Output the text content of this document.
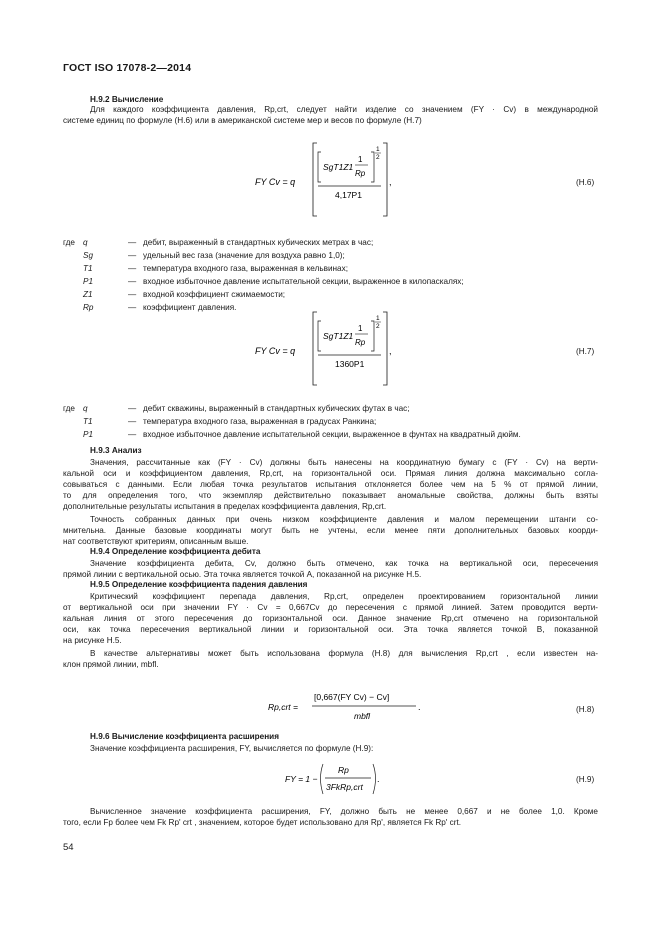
ГОСТ ISO 17078-2—2014
Н.9.2 Вычисление
Для каждого коэффициента давления, Rp,crt, следует найти изделие со значением (FY · Cv) в международной
системе единиц по формуле (Н.6) или в американской системе мер и весов по формуле (Н.7)
FY Cv = q
SgT1Z1
1
Rp
1
2
4,17P1
,	(Н.6)
где q	— дебит, выраженный в стандартных кубических метрах в час;
Sg	— удельный вес газа (значение для воздуха равно 1,0);
T1	— температура входного газа, выраженная в кельвинах;
P1	— входное избыточное давление испытательной секции, выраженное в килопаскалях;
Z1	— входной коэффициент сжимаемости;
Rp	— коэффициент давления.
FY Cv = q
SgT1Z1
1
Rp
1
2
1360P1
,	(Н.7)
где q	— дебит скважины, выраженный в стандартных кубических футах в час;
T1	— температура входного газа, выраженная в градусах Ранкина;
P1	— входное избыточное давление испытательной секции, выраженное в фунтах на квадратный дюйм.
Н.9.3 Анализ
Значения, рассчитанные как (FY · Cv) должны быть нанесены на координатную бумагу с (FY · Cv) на верти-
кальной оси и коэффициентом давления, Rp,crt, на горизонтальной оси. Прямая линия должна максимально согла-
совываться с данными. Если любая точка результатов испытания отклоняется более чем на 5 % от прямой линии,
то для определения того, что экземпляр действительно показывает аномальные свойства, должны быть взяты
дополнительные результаты испытания в пределах коэффициента давления, Rp,crt.
Точность собранных данных при очень низком коэффициенте давления и малом перемещении штанги со-
мнительна. Данные базовые координаты могут быть не учтены, если менее пяти дополнительных базовых коорди-
нат соответствуют критериям, описанным выше.
Н.9.4 Определение коэффициента дебита
Значение коэффициента дебита, Cv, должно быть отмечено, как точка на вертикальной оси, пересечения
прямой линии с вертикальной осью. Эта точка является точкой А, показанной на рисунке Н.5.
Н.9.5 Определение коэффициента падения давления
Критический коэффициент перепада давления, Rp,crt, определен проектированием горизонтальной линии
от вертикальной оси при значении FY · Cv = 0,667Cv до пересечения с прямой линией. Затем проводится верти-
кальная линия от этого пересечения до горизонтальной оси. Данное значение Rp,crt отмечено на горизонтальной
оси, как точка пересечения вертикальной линии и горизонтальной оси. Эта точка является точкой В, показанной
на рисунке Н.5.
В качестве альтернативы может быть использована формула (Н.8) для вычисления Rp,crt , если известен на-
клон прямой линии, mbfl.
Rp,crt =
[0,667(FY Cv) − Cv]
mbfl
.	(Н.8)
Н.9.6 Вычисление коэффициента расширения
Значение коэффициента расширения, FY, вычисляется по формуле (Н.9):
FY = 1 −
Rp
3FkRp,crt
.	(Н.9)
Вычисленное значение коэффициента расширения, FY, должно быть не менее 0,667 и не более 1,0. Кроме
того, если Fp более чем Fk Rp' crt , значением, которое будет использовано для Rp', является Fk Rp' crt.
54
